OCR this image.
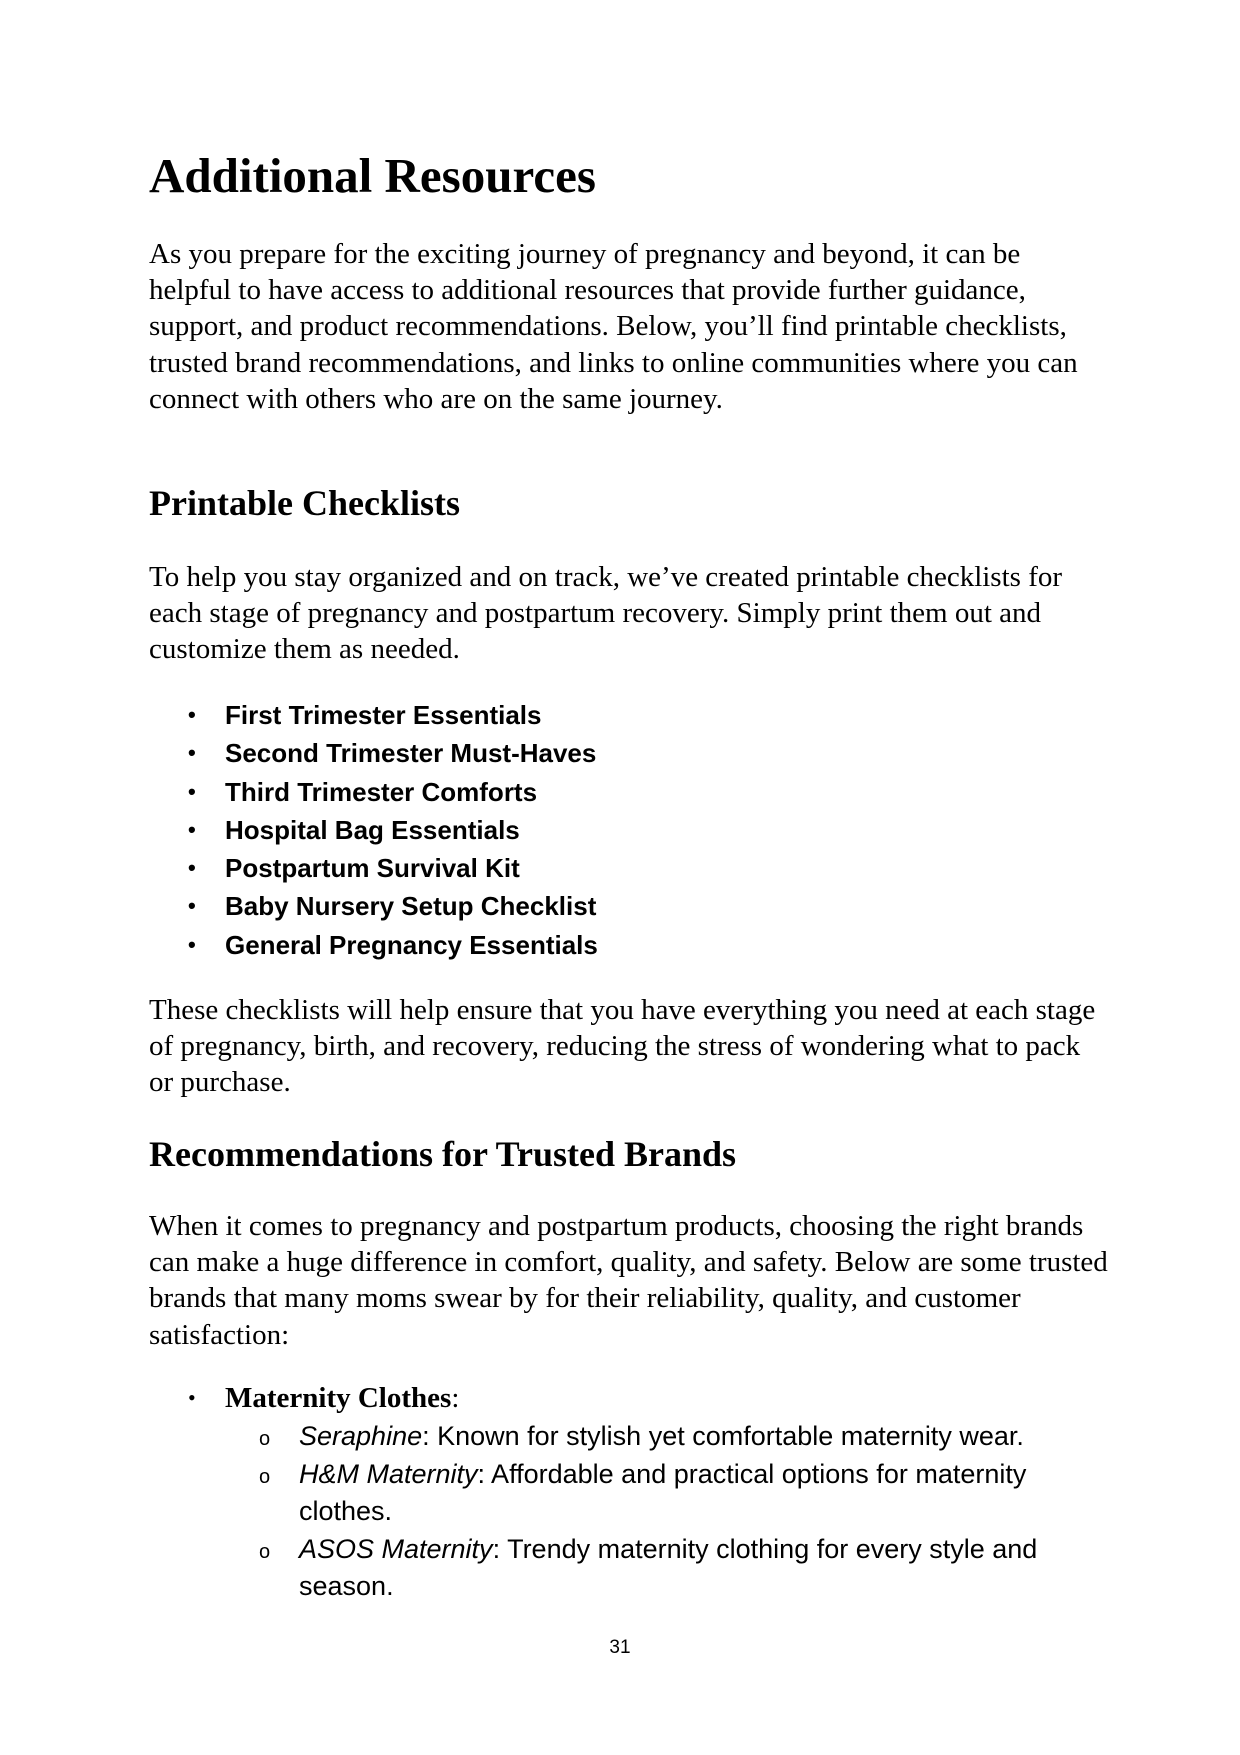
Additional Resources

As you prepare for the exciting journey of pregnancy and beyond, it can be helpful to have access to additional resources that provide further guidance, support, and product recommendations. Below, you’ll find printable checklists, trusted brand recommendations, and links to online communities where you can connect with others who are on the same journey.

Printable Checklists

To help you stay organized and on track, we’ve created printable checklists for each stage of pregnancy and postpartum recovery. Simply print them out and customize them as needed.

• First Trimester Essentials
• Second Trimester Must-Haves
• Third Trimester Comforts
• Hospital Bag Essentials
• Postpartum Survival Kit
• Baby Nursery Setup Checklist
• General Pregnancy Essentials

These checklists will help ensure that you have everything you need at each stage of pregnancy, birth, and recovery, reducing the stress of wondering what to pack or purchase.

Recommendations for Trusted Brands

When it comes to pregnancy and postpartum products, choosing the right brands can make a huge difference in comfort, quality, and safety. Below are some trusted brands that many moms swear by for their reliability, quality, and customer satisfaction:

• Maternity Clothes:
o Seraphine: Known for stylish yet comfortable maternity wear.
o H&M Maternity: Affordable and practical options for maternity clothes.
o ASOS Maternity: Trendy maternity clothing for every style and season.
31
